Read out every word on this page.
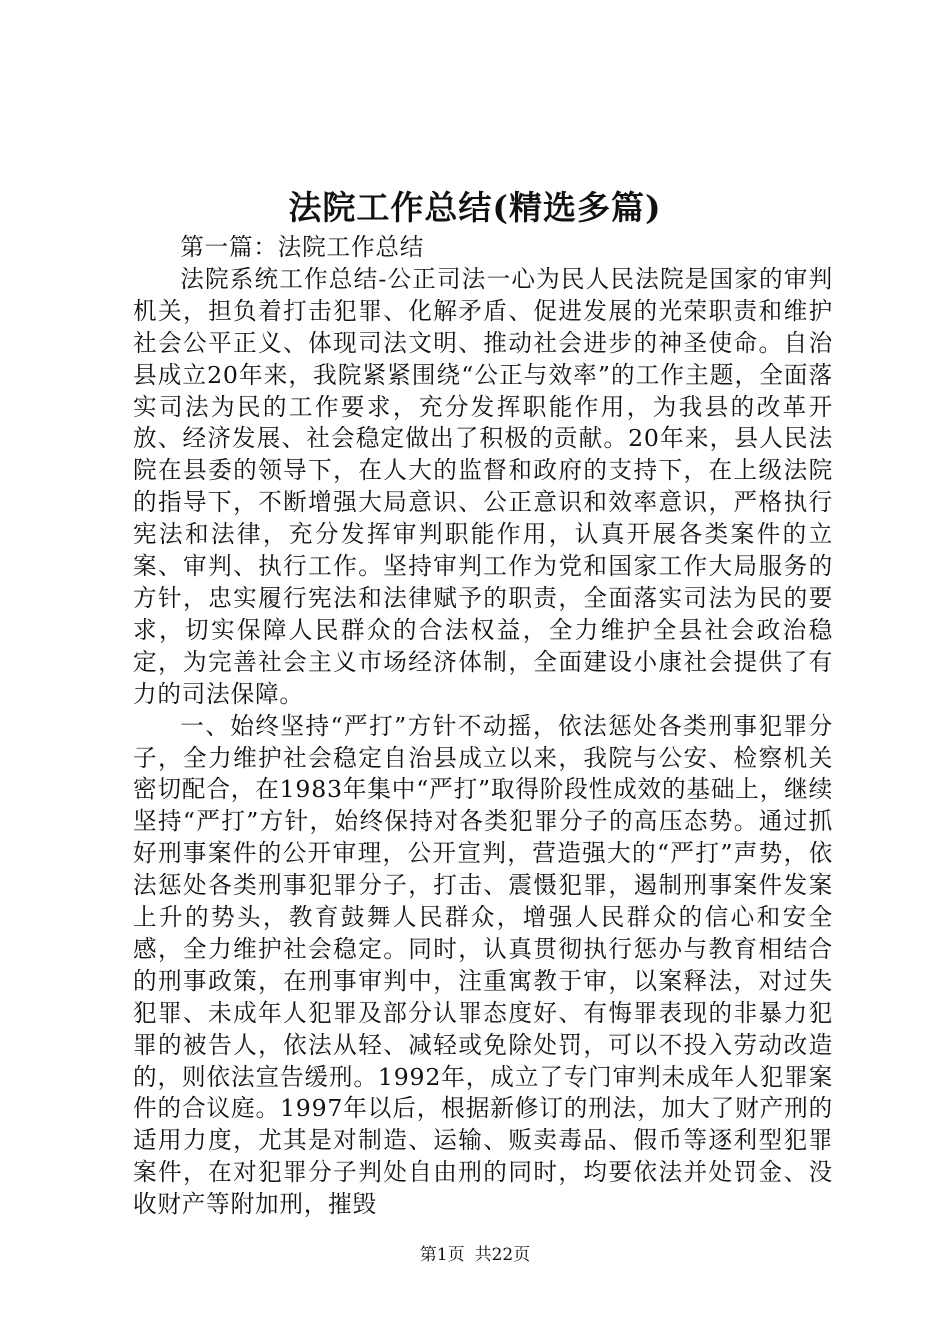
法院工作总结(精选多篇)

第一篇：法院工作总结

法院系统工作总结-公正司法一心为民人民法院是国家的审判机关，担负着打击犯罪、化解矛盾、促进发展的光荣职责和维护社会公平正义、体现司法文明、推动社会进步的神圣使命。自治县成立20年来，我院紧紧围绕“公正与效率”的工作主题，全面落实司法为民的工作要求，充分发挥职能作用，为我县的改革开放、经济发展、社会稳定做出了积极的贡献。20年来，县人民法院在县委的领导下，在人大的监督和政府的支持下，在上级法院的指导下，不断增强大局意识、公正意识和效率意识，严格执行宪法和法律，充分发挥审判职能作用，认真开展各类案件的立案、审判、执行工作。坚持审判工作为党和国家工作大局服务的方针，忠实履行宪法和法律赋予的职责，全面落实司法为民的要求，切实保障人民群众的合法权益，全力维护全县社会政治稳定，为完善社会主义市场经济体制，全面建设小康社会提供了有力的司法保障。

一、始终坚持“严打”方针不动摇，依法惩处各类刑事犯罪分子，全力维护社会稳定自治县成立以来，我院与公安、检察机关密切配合，在1983年集中“严打”取得阶段性成效的基础上，继续坚持“严打”方针，始终保持对各类犯罪分子的高压态势。通过抓好刑事案件的公开审理，公开宣判，营造强大的“严打”声势，依法惩处各类刑事犯罪分子，打击、震慑犯罪，遏制刑事案件发案上升的势头，教育鼓舞人民群众，增强人民群众的信心和安全感，全力维护社会稳定。同时，认真贯彻执行惩办与教育相结合的刑事政策，在刑事审判中，注重寓教于审，以案释法，对过失犯罪、未成年人犯罪及部分认罪态度好、有悔罪表现的非暴力犯罪的被告人，依法从轻、减轻或免除处罚，可以不投入劳动改造的，则依法宣告缓刑。1992年，成立了专门审判未成年人犯罪案件的合议庭。1997年以后，根据新修订的刑法，加大了财产刑的适用力度，尤其是对制造、运输、贩卖毒品、假币等逐利型犯罪案件，在对犯罪分子判处自由刑的同时，均要依法并处罚金、没收财产等附加刑，摧毁

第1页 共22页
